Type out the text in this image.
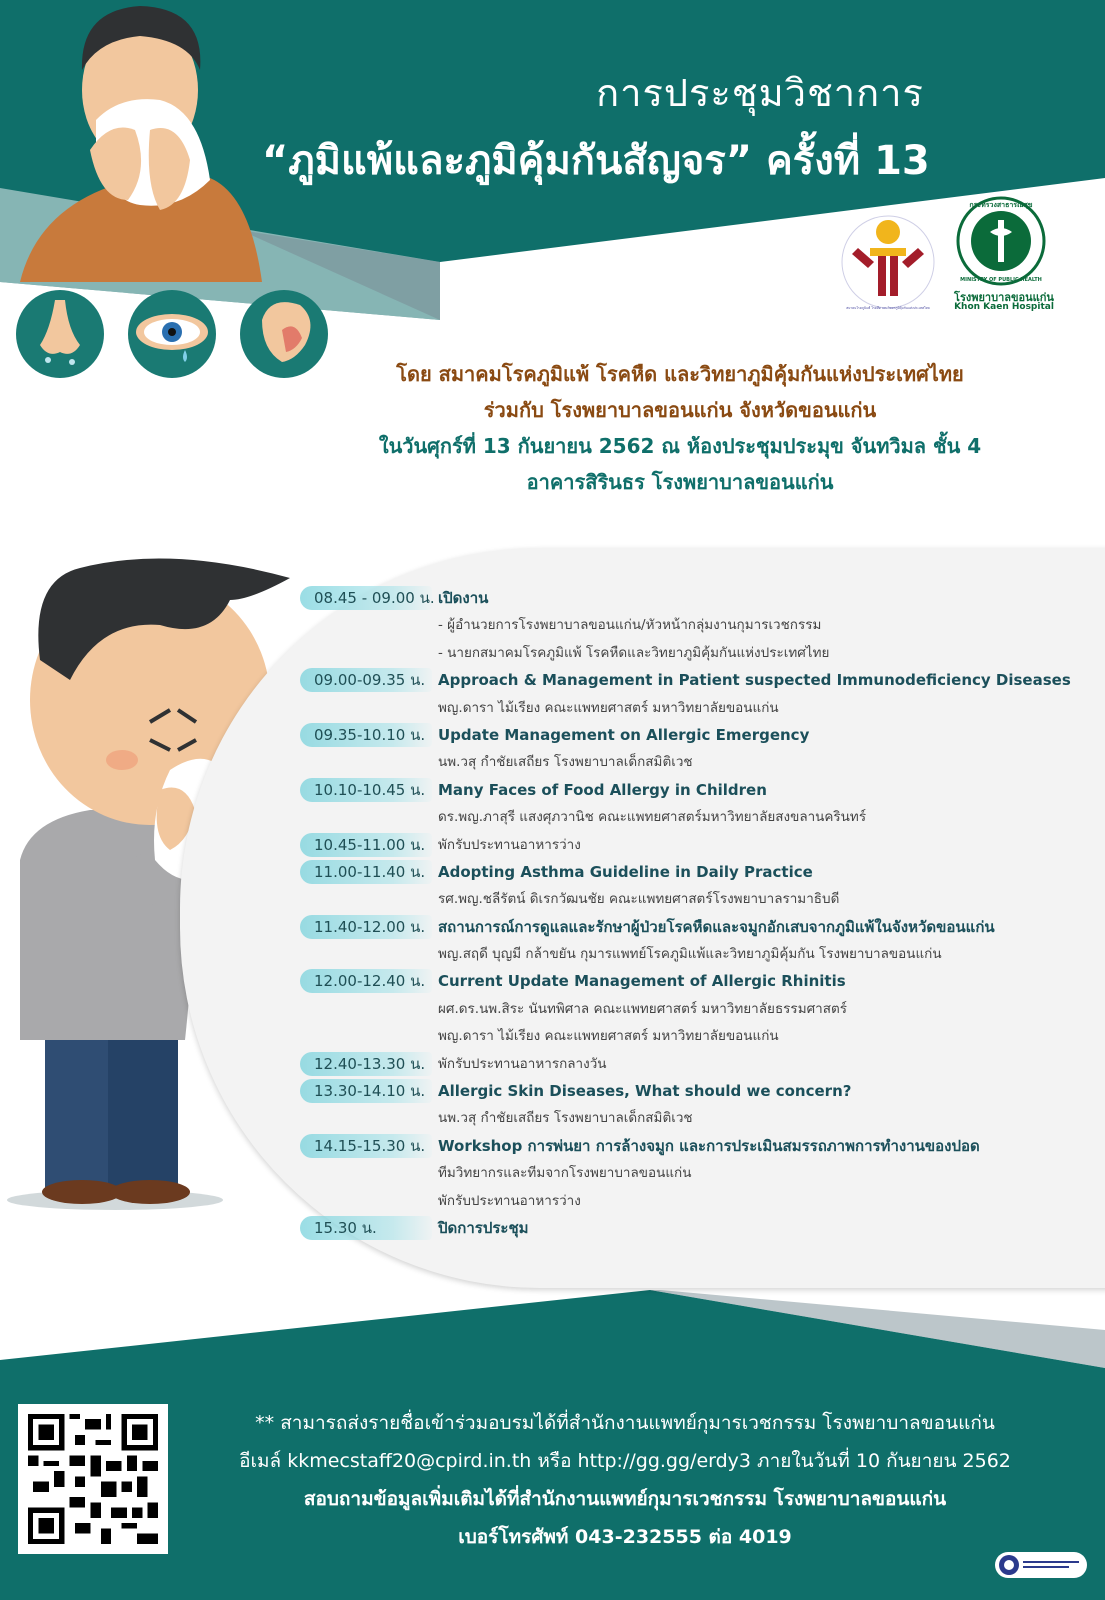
การประชุมวิชาการ
“ภูมิแพ้และภูมิคุ้มกันสัญจร” ครั้งที่ 13
สมาคมโรคภูมิแพ้ โรคหืด และวิทยาภูมิคุ้มกันแห่งประเทศไทย
กระทรวงสาธารณสุข
MINISTRY OF PUBLIC HEALTH
โรงพยาบาลขอนแก่น
Khon Kaen Hospital
โดย สมาคมโรคภูมิแพ้ โรคหืด และวิทยาภูมิคุ้มกันแห่งประเทศไทย
ร่วมกับ โรงพยาบาลขอนแก่น จังหวัดขอนแก่น
ในวันศุกร์ที่ 13 กันยายน 2562 ณ ห้องประชุมประมุข จันทวิมล ชั้น 4
อาคารสิรินธร โรงพยาบาลขอนแก่น
08.45 - 09.00 น. เปิดงาน
- ผู้อำนวยการโรงพยาบาลขอนแก่น/หัวหน้ากลุ่มงานกุมารเวชกรรม
- นายกสมาคมโรคภูมิแพ้ โรคหืดและวิทยาภูมิคุ้มกันแห่งประเทศไทย
09.00-09.35 น. Approach & Management in Patient suspected Immunodeficiency Diseases
พญ.ดารา ไม้เรียง คณะแพทยศาสตร์ มหาวิทยาลัยขอนแก่น
09.35-10.10 น. Update Management on Allergic Emergency
นพ.วสุ กำชัยเสถียร โรงพยาบาลเด็กสมิติเวช
10.10-10.45 น. Many Faces of Food Allergy in Children
ดร.พญ.ภาสุรี แสงศุภวานิช คณะแพทยศาสตร์มหาวิทยาลัยสงขลานครินทร์
10.45-11.00 น. พักรับประทานอาหารว่าง
11.00-11.40 น. Adopting Asthma Guideline in Daily Practice
รศ.พญ.ชลีรัตน์ ดิเรกวัฒนชัย คณะแพทยศาสตร์โรงพยาบาลรามาธิบดี
11.40-12.00 น. สถานการณ์การดูแลและรักษาผู้ป่วยโรคหืดและจมูกอักเสบจากภูมิแพ้ในจังหวัดขอนแก่น
พญ.สฤดี บุญมี กล้าขยัน กุมารแพทย์โรคภูมิแพ้และวิทยาภูมิคุ้มกัน โรงพยาบาลขอนแก่น
12.00-12.40 น. Current Update Management of Allergic Rhinitis
ผศ.ดร.นพ.สิระ นันทพิศาล คณะแพทยศาสตร์ มหาวิทยาลัยธรรมศาสตร์
พญ.ดารา ไม้เรียง คณะแพทยศาสตร์ มหาวิทยาลัยขอนแก่น
12.40-13.30 น. พักรับประทานอาหารกลางวัน
13.30-14.10 น. Allergic Skin Diseases, What should we concern?
นพ.วสุ กำชัยเสถียร โรงพยาบาลเด็กสมิติเวช
14.15-15.30 น. Workshop การพ่นยา การล้างจมูก และการประเมินสมรรถภาพการทำงานของปอด
ทีมวิทยากรและทีมจากโรงพยาบาลขอนแก่น
พักรับประทานอาหารว่าง
15.30 น.	ปิดการประชุม
** สามารถส่งรายชื่อเข้าร่วมอบรมได้ที่สำนักงานแพทย์กุมารเวชกรรม โรงพยาบาลขอนแก่น
อีเมล์ kkmecstaff20@cpird.in.th หรือ http://gg.gg/erdy3 ภายในวันที่ 10 กันยายน 2562
สอบถามข้อมูลเพิ่มเติมได้ที่สำนักงานแพทย์กุมารเวชกรรม โรงพยาบาลขอนแก่น
เบอร์โทรศัพท์ 043-232555 ต่อ 4019
